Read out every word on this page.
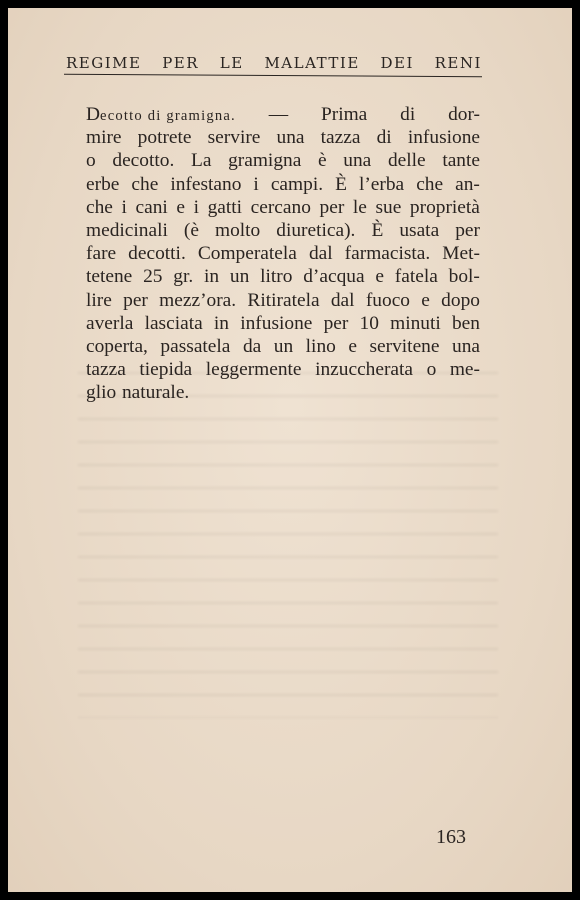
REGIME PER LE MALATTIE DEI RENI
Decotto di gramigna. — Prima di dor-
mire potrete servire una tazza di infusione
o decotto. La gramigna è una delle tante
erbe che infestano i campi. È l’erba che an-
che i cani e i gatti cercano per le sue proprietà
medicinali (è molto diuretica). È usata per
fare decotti. Comperatela dal farmacista. Met-
tetene 25 gr. in un litro d’acqua e fatela bol-
lire per mezz’ora. Ritiratela dal fuoco e dopo
averla lasciata in infusione per 10 minuti ben
coperta, passatela da un lino e servitene una
tazza tiepida leggermente inzuccherata o me-
glio naturale.
163
